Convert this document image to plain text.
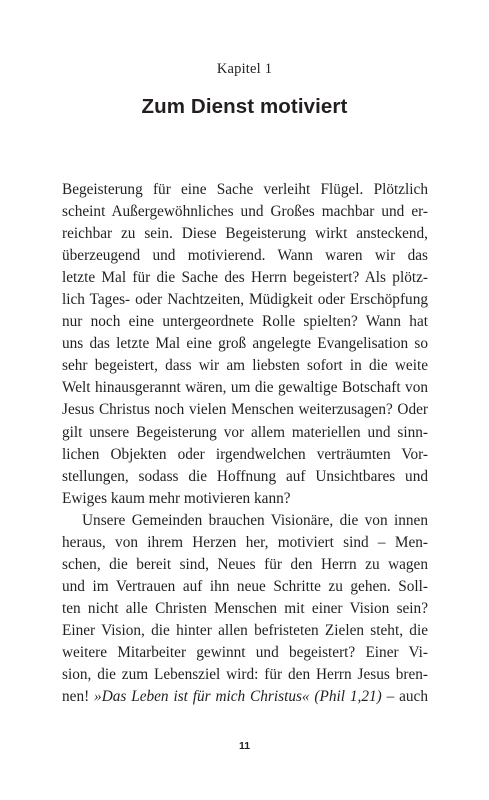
Kapitel 1
Zum Dienst motiviert
Begeisterung für eine Sache verleiht Flügel. Plötzlich
scheint Außergewöhnliches und Großes machbar und er-
reichbar zu sein. Diese Begeisterung wirkt ansteckend,
überzeugend und motivierend. Wann waren wir das
letzte Mal für die Sache des Herrn begeistert? Als plötz-
lich Tages- oder Nachtzeiten, Müdigkeit oder Erschöpfung
nur noch eine untergeordnete Rolle spielten? Wann hat
uns das letzte Mal eine groß angelegte Evangelisation so
sehr begeistert, dass wir am liebsten sofort in die weite
Welt hinausgerannt wären, um die gewaltige Botschaft von
Jesus Christus noch vielen Menschen weiterzusagen? Oder
gilt unsere Begeisterung vor allem materiellen und sinn-
lichen Objekten oder irgendwelchen verträumten Vor-
stellungen, sodass die Hoffnung auf Unsichtbares und
Ewiges kaum mehr motivieren kann?
Unsere Gemeinden brauchen Visionäre, die von innen
heraus, von ihrem Herzen her, motiviert sind – Men-
schen, die bereit sind, Neues für den Herrn zu wagen
und im Vertrauen auf ihn neue Schritte zu gehen. Soll-
ten nicht alle Christen Menschen mit einer Vision sein?
Einer Vision, die hinter allen befristeten Zielen steht, die
weitere Mitarbeiter gewinnt und begeistert? Einer Vi-
sion, die zum Lebensziel wird: für den Herrn Jesus bren-
nen! »Das Leben ist für mich Christus« (Phil 1,21) – auch
11
